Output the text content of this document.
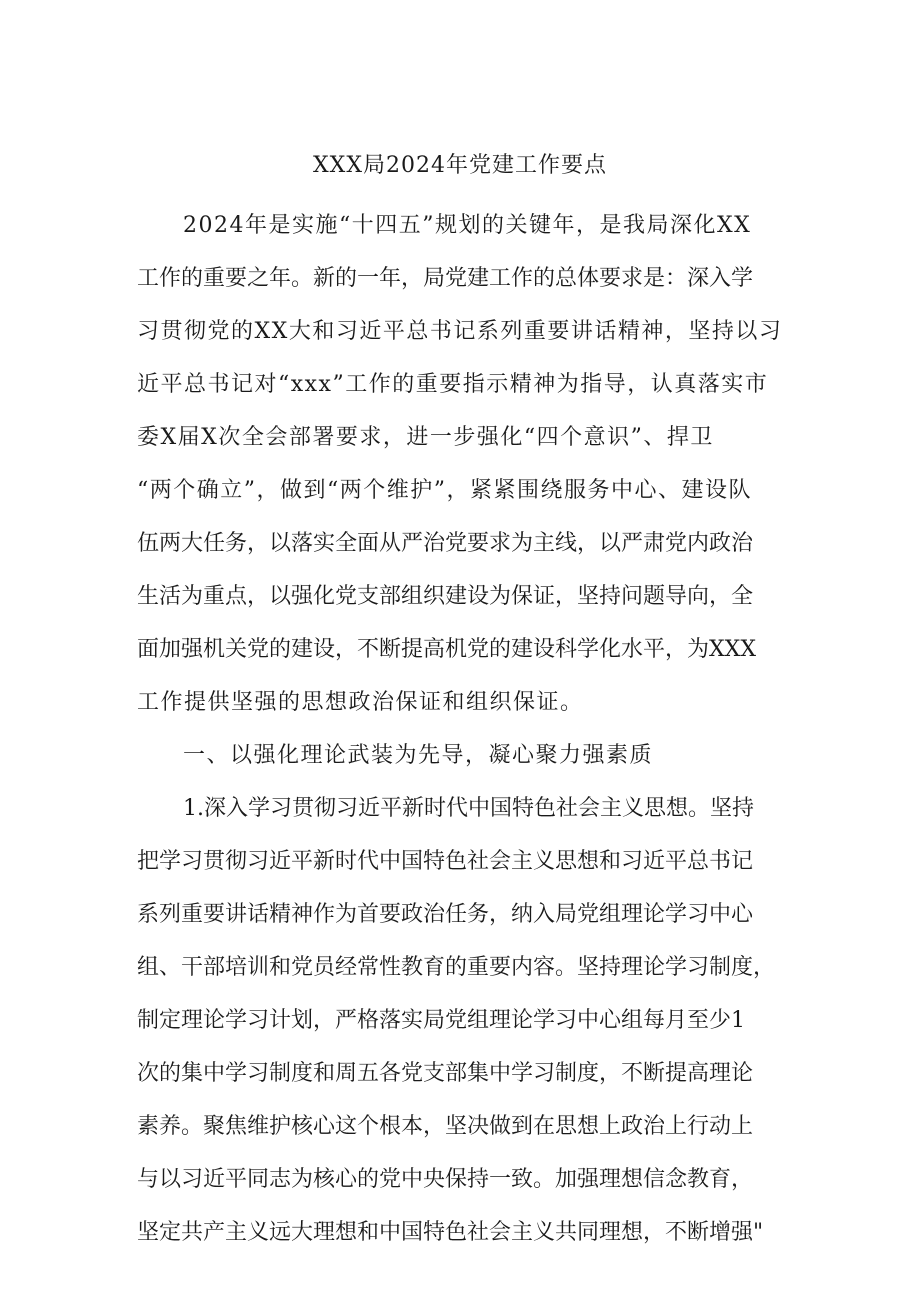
XXX局2024年党建工作要点
2024年是实施“十四五”规划的关键年，是我局深化XX
工作的重要之年。新的一年，局党建工作的总体要求是：深入学
习贯彻党的XX大和习近平总书记系列重要讲话精神，坚持以习
近平总书记对“xxx”工作的重要指示精神为指导，认真落实市
委X届X次全会部署要求，进一步强化“四个意识”、捍卫
“两个确立”，做到“两个维护”，紧紧围绕服务中心、建设队
伍两大任务，以落实全面从严治党要求为主线，以严肃党内政治
生活为重点，以强化党支部组织建设为保证，坚持问题导向，全
面加强机关党的建设，不断提高机党的建设科学化水平，为XXX
工作提供坚强的思想政治保证和组织保证。
一、以强化理论武装为先导，凝心聚力强素质
1.深入学习贯彻习近平新时代中国特色社会主义思想。坚持
把学习贯彻习近平新时代中国特色社会主义思想和习近平总书记
系列重要讲话精神作为首要政治任务，纳入局党组理论学习中心
组、干部培训和党员经常性教育的重要内容。坚持理论学习制度，
制定理论学习计划，严格落实局党组理论学习中心组每月至少1
次的集中学习制度和周五各党支部集中学习制度，不断提高理论
素养。聚焦维护核心这个根本，坚决做到在思想上政治上行动上
与以习近平同志为核心的党中央保持一致。加强理想信念教育，
坚定共产主义远大理想和中国特色社会主义共同理想，不断增强"
